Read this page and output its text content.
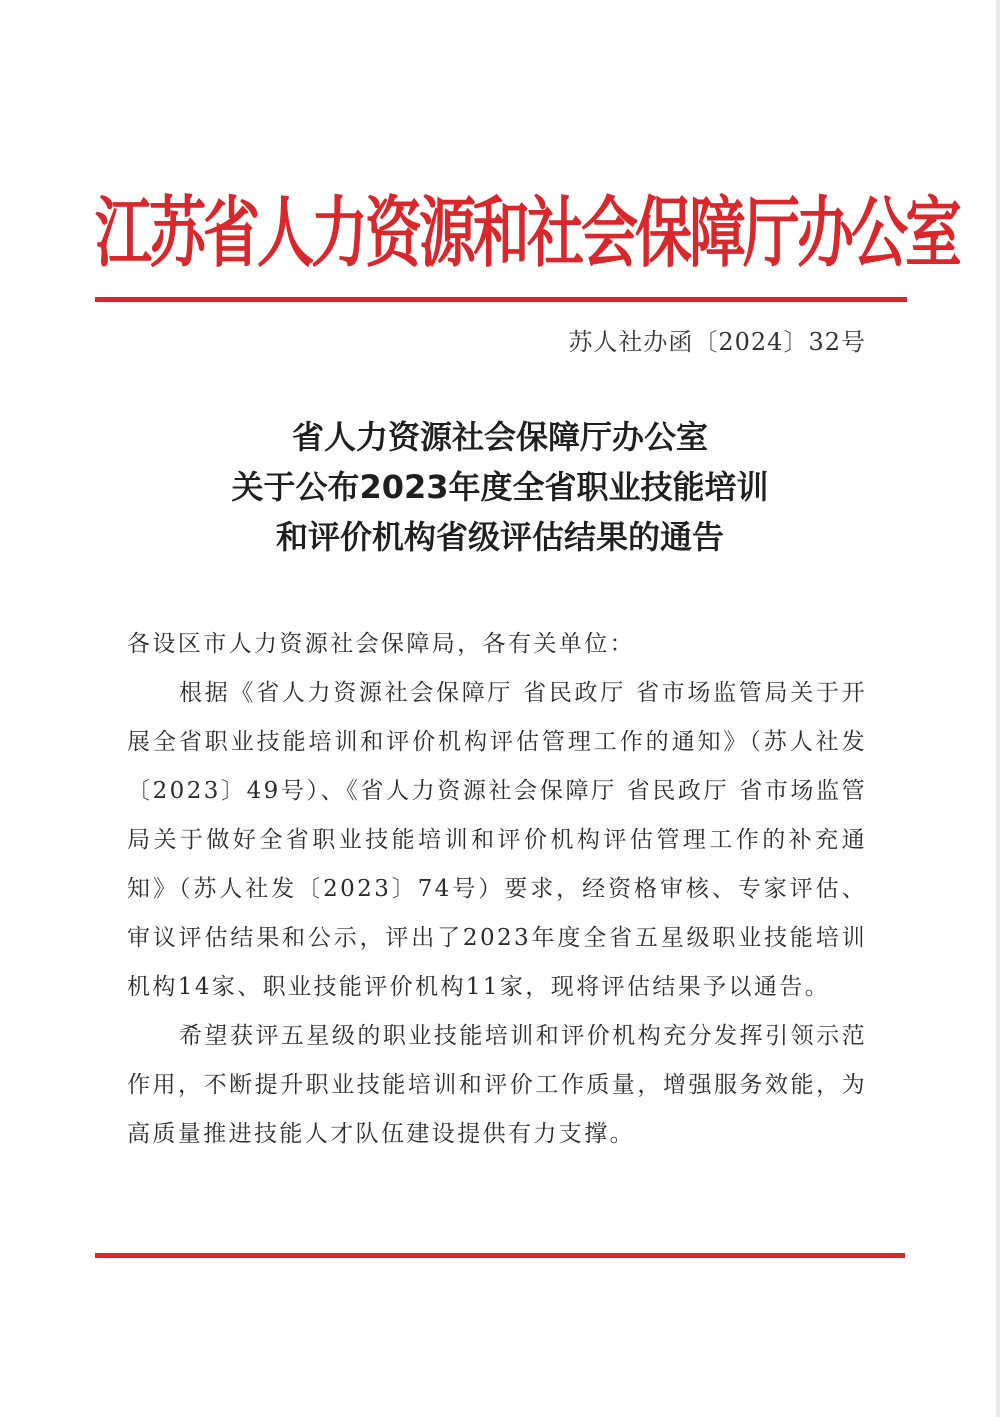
江苏省人力资源和社会保障厅办公室
苏人社办函〔2024〕32号
省人力资源社会保障厅办公室
关于公布2023年度全省职业技能培训
和评价机构省级评估结果的通告

各设区市人力资源社会保障局，各有关单位：

根据《省人力资源社会保障厅 省民政厅 省市场监管局关于开展全省职业技能培训和评价机构评估管理工作的通知》（苏人社发〔2023〕49号）、《省人力资源社会保障厅 省民政厅 省市场监管局关于做好全省职业技能培训和评价机构评估管理工作的补充通知》（苏人社发〔2023〕74号）要求，经资格审核、专家评估、审议评估结果和公示，评出了2023年度全省五星级职业技能培训机构14家、职业技能评价机构11家，现将评估结果予以通告。

希望获评五星级的职业技能培训和评价机构充分发挥引领示范作用，不断提升职业技能培训和评价工作质量，增强服务效能，为高质量推进技能人才队伍建设提供有力支撑。
